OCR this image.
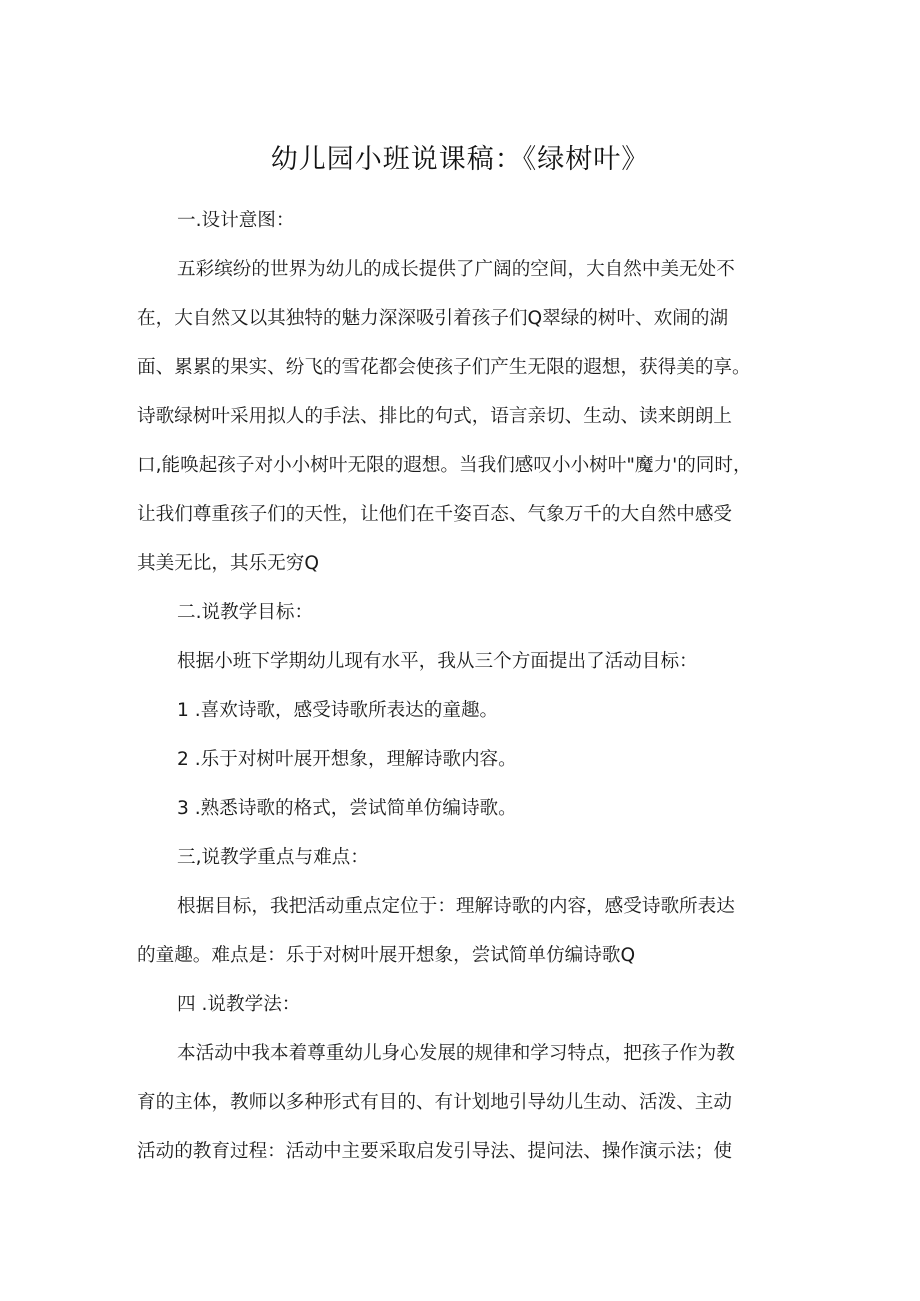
幼儿园小班说课稿：《绿树叶》
一.设计意图：
五彩缤纷的世界为幼儿的成长提供了广阔的空间，大自然中美无处不
在，大自然又以其独特的魅力深深吸引着孩子们Q翠绿的树叶、欢闹的湖
面、累累的果实、纷飞的雪花都会使孩子们产生无限的遐想，获得美的享。
诗歌绿树叶采用拟人的手法、排比的句式，语言亲切、生动、读来朗朗上
口,能唤起孩子对小小树叶无限的遐想。当我们感叹小小树叶"魔力'的同时，
让我们尊重孩子们的天性，让他们在千姿百态、气象万千的大自然中感受
其美无比，其乐无穷Q
二.说教学目标：
根据小班下学期幼儿现有水平，我从三个方面提出了活动目标：
1 .喜欢诗歌，感受诗歌所表达的童趣。
2 .乐于对树叶展开想象，理解诗歌内容。
3 .熟悉诗歌的格式，尝试简单仿编诗歌。
三,说教学重点与难点：
根据目标，我把活动重点定位于：理解诗歌的内容，感受诗歌所表达
的童趣。难点是：乐于对树叶展开想象，尝试简单仿编诗歌Q
四 .说教学法：
本活动中我本着尊重幼儿身心发展的规律和学习特点，把孩子作为教
育的主体，教师以多种形式有目的、有计划地引导幼儿生动、活泼、主动
活动的教育过程：活动中主要采取启发引导法、提问法、操作演示法；使
